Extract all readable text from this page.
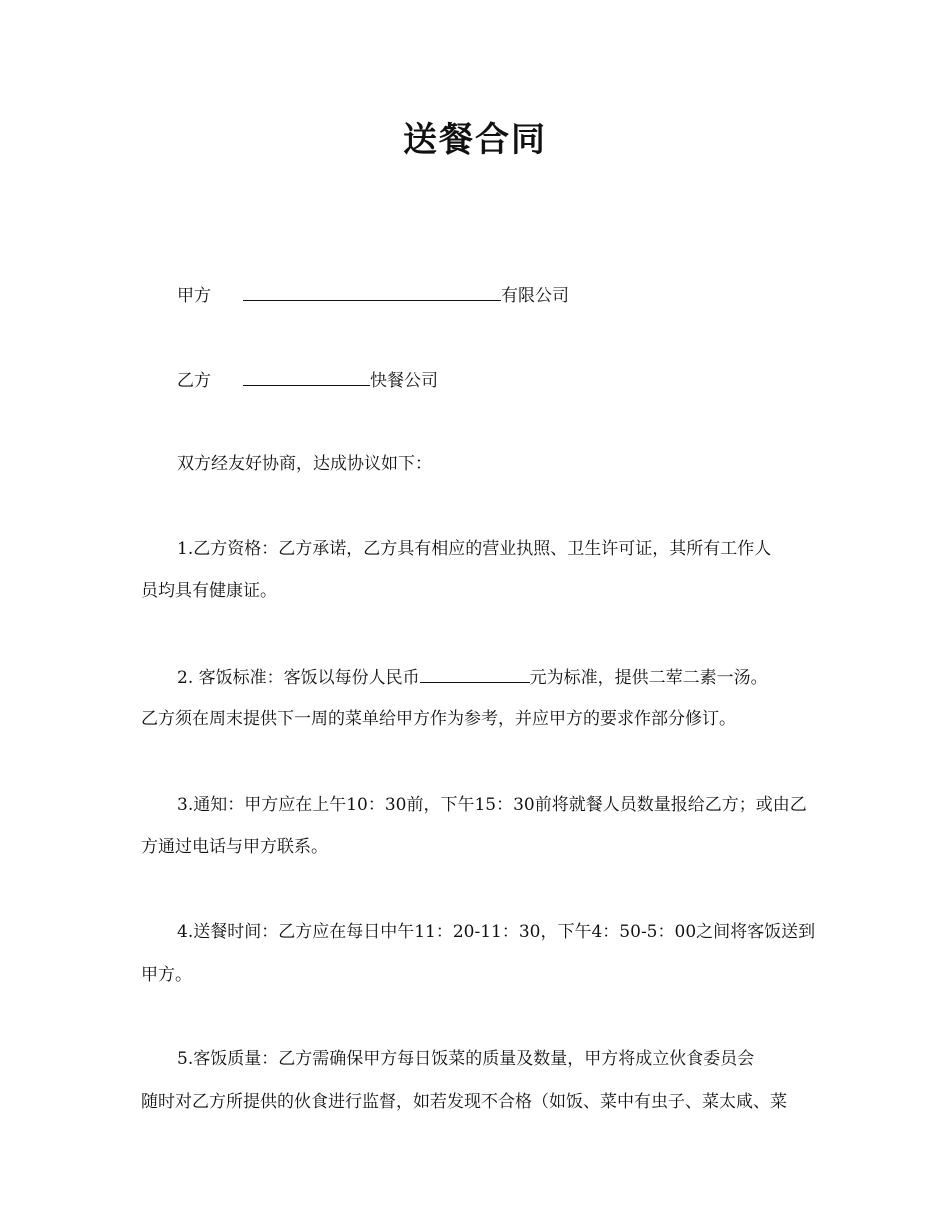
送餐合同
甲方	有限公司
乙方	快餐公司
双方经友好协商，达成协议如下：
1.乙方资格：乙方承诺，乙方具有相应的营业执照、卫生许可证，其所有工作人
员均具有健康证。
2. 客饭标准：客饭以每份人民币	元为标准，提供二荤二素一汤。
乙方须在周末提供下一周的菜单给甲方作为参考，并应甲方的要求作部分修订。
3.通知：甲方应在上午10：30前，下午15：30前将就餐人员数量报给乙方；或由乙
方通过电话与甲方联系。
4.送餐时间：乙方应在每日中午11：20-11：30，下午4：50-5：00之间将客饭送到
甲方。
5.客饭质量：乙方需确保甲方每日饭菜的质量及数量，甲方将成立伙食委员会
随时对乙方所提供的伙食进行监督，如若发现不合格（如饭、菜中有虫子、菜太咸、菜
